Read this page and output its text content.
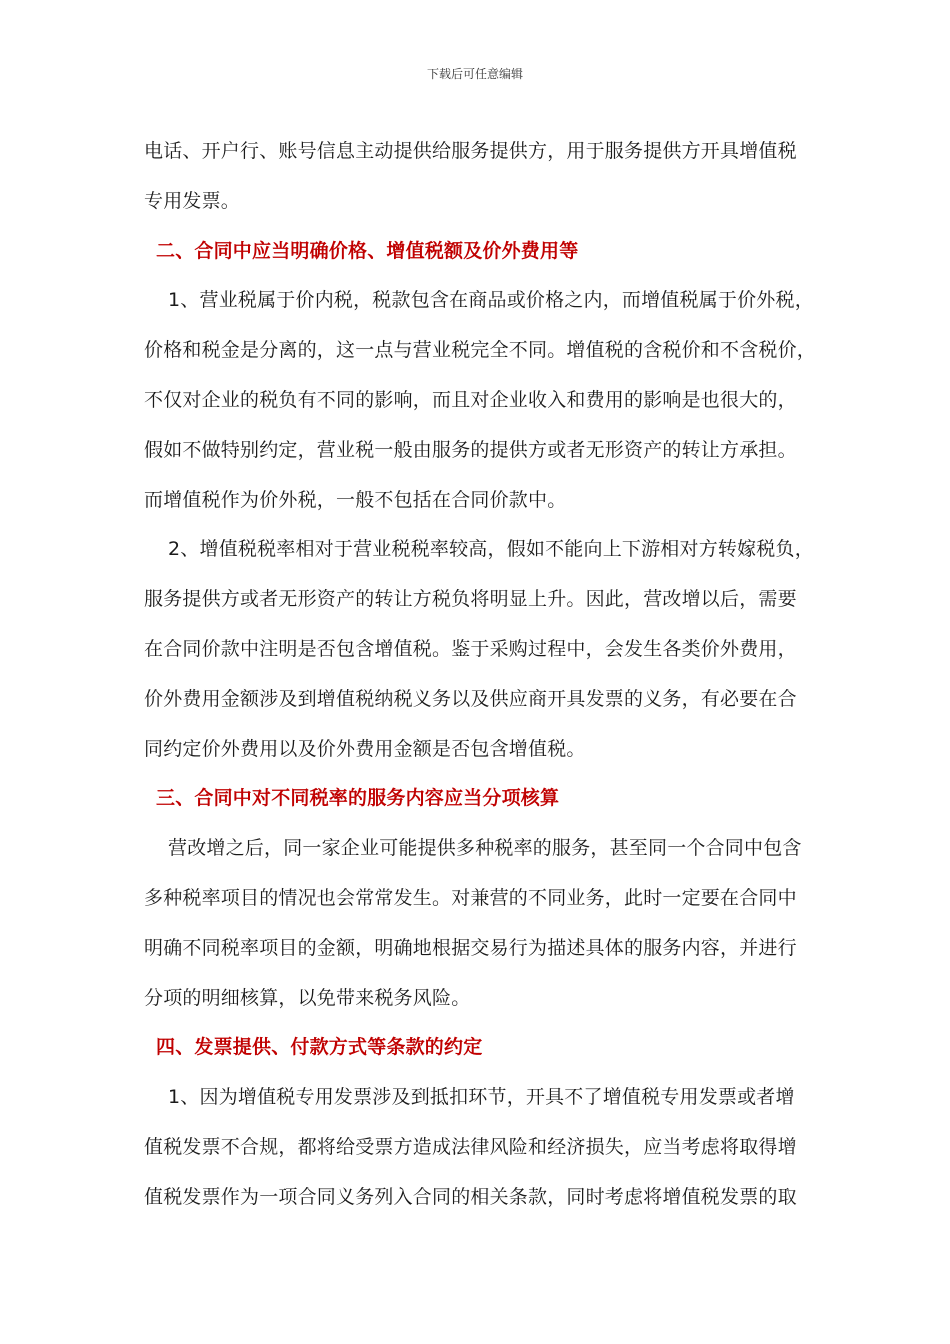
下载后可任意编辑
电话、开户行、账号信息主动提供给服务提供方，用于服务提供方开具增值税
专用发票。
二、合同中应当明确价格、增值税额及价外费用等
1、营业税属于价内税，税款包含在商品或价格之内，而增值税属于价外税，
价格和税金是分离的，这一点与营业税完全不同。增值税的含税价和不含税价，
不仅对企业的税负有不同的影响，而且对企业收入和费用的影响是也很大的，
假如不做特别约定，营业税一般由服务的提供方或者无形资产的转让方承担。
而增值税作为价外税，一般不包括在合同价款中。
2、增值税税率相对于营业税税率较高，假如不能向上下游相对方转嫁税负，
服务提供方或者无形资产的转让方税负将明显上升。因此，营改增以后，需要
在合同价款中注明是否包含增值税。鉴于采购过程中，会发生各类价外费用，
价外费用金额涉及到增值税纳税义务以及供应商开具发票的义务，有必要在合
同约定价外费用以及价外费用金额是否包含增值税。
三、合同中对不同税率的服务内容应当分项核算
营改增之后，同一家企业可能提供多种税率的服务，甚至同一个合同中包含
多种税率项目的情况也会常常发生。对兼营的不同业务，此时一定要在合同中
明确不同税率项目的金额，明确地根据交易行为描述具体的服务内容，并进行
分项的明细核算，以免带来税务风险。
四、发票提供、付款方式等条款的约定
1、因为增值税专用发票涉及到抵扣环节，开具不了增值税专用发票或者增
值税发票不合规，都将给受票方造成法律风险和经济损失，应当考虑将取得增
值税发票作为一项合同义务列入合同的相关条款，同时考虑将增值税发票的取
